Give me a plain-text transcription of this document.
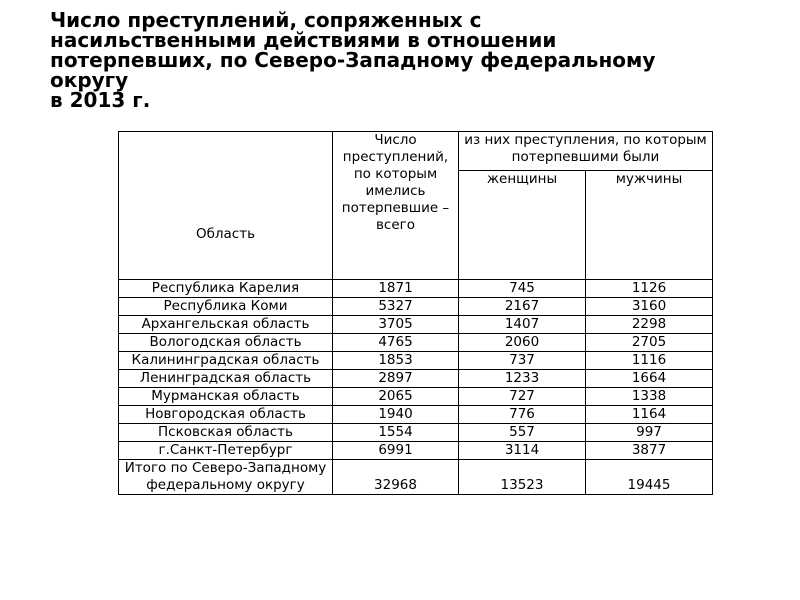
Число преступлений, сопряженных с
насильственными действиями в отношении
потерпевших, по Северо-Западному федеральному
округу
в 2013 г.
Область	Число преступлений, по которым имелись потерпевшие – всего	из них преступления, по которым потерпевшими были	
		женщины	мужчины
Республика Карелия	1871	745	1126
Республика Коми	5327	2167	3160
Архангельская область	3705	1407	2298
Вологодская область	4765	2060	2705
Калининградская область	1853	737	1116
Ленинградская область	2897	1233	1664
Мурманская область	2065	727	1338
Новгородская область	1940	776	1164
Псковская область	1554	557	997
г.Санкт-Петербург	6991	3114	3877
Итого по Северо-Западному федеральному округу	32968	13523	19445
